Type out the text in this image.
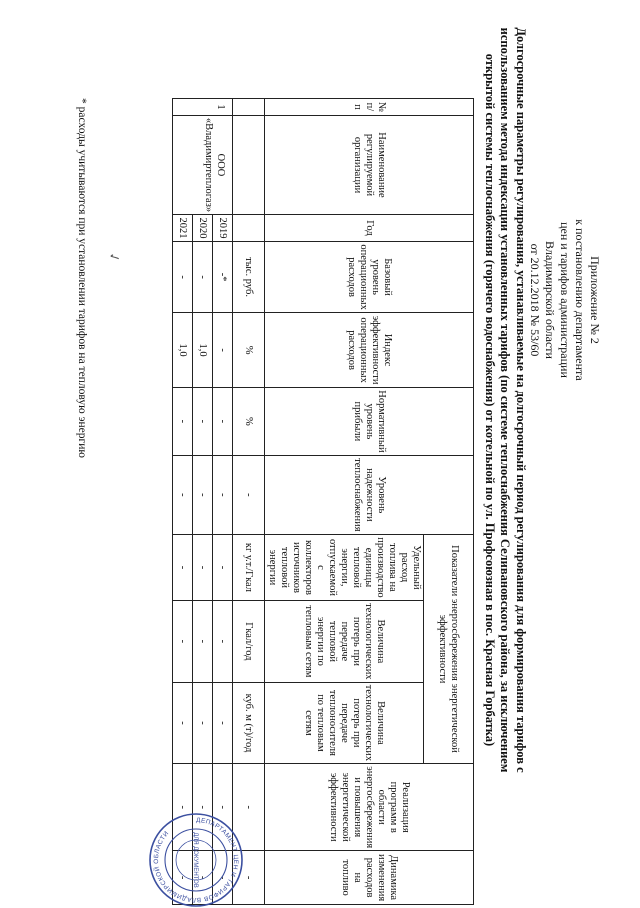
Приложение № 2
к постановлению департамента
цен и тарифов администрации
Владимирской области
от 20.12.2018 № 53/60
Долгосрочные параметры регулирования, устанавливаемые на долгосрочный период регулирования для формирования тарифов с
использованием метода индексации установленных тарифов (по системе теплоснабжения Селивановского района, за исключением
открытой системы теплоснабжения (горячего водоснабжения) от котельной по ул. Профсоюзная в пос. Красная Горбатка)
№ п/п	Наименование регулируемой организации	Год	Базовый уровень операционных расходов	Индекс эффективности операционных расходов	Нормативный уровень прибыли	Уровень надежности теплоснабжения	Показатели энергосбережения энергетической эффективности			Реализация программ в области энергосбережения и повышения энергетической эффективности	Динамика изменения расходов на топливо
							Удельный расход топлива на производство единицы тепловой энергии, отпускаемой с коллекторов источников тепловой энергии	Величина технологических потерь при передаче тепловой энергии по тепловым сетям	Величина технологических потерь при передаче теплоносителя по тепловым сетям		
			тыс. руб.	%	%	-	кг у.т./Гкал	Гкал/год	куб. м (т)/год	-	-
1	ООО «Владимиртеплогаз»	2019	-*	-	-	-	-	-	-	-	-
		2020	-	1,0	-	-	-	-	-	-	-
		2021	-	1,0	-	-	-	-	-	-	-
✓
* расходы учитываются при установлении тарифов на тепловую энергию
ДЕПАРТАМЕНТ ЦЕН И ТАРИФОВ ВЛАДИМИРСКОЙ ОБЛАСТИ	ДЛЯ ДОКУМЕНТОВ
